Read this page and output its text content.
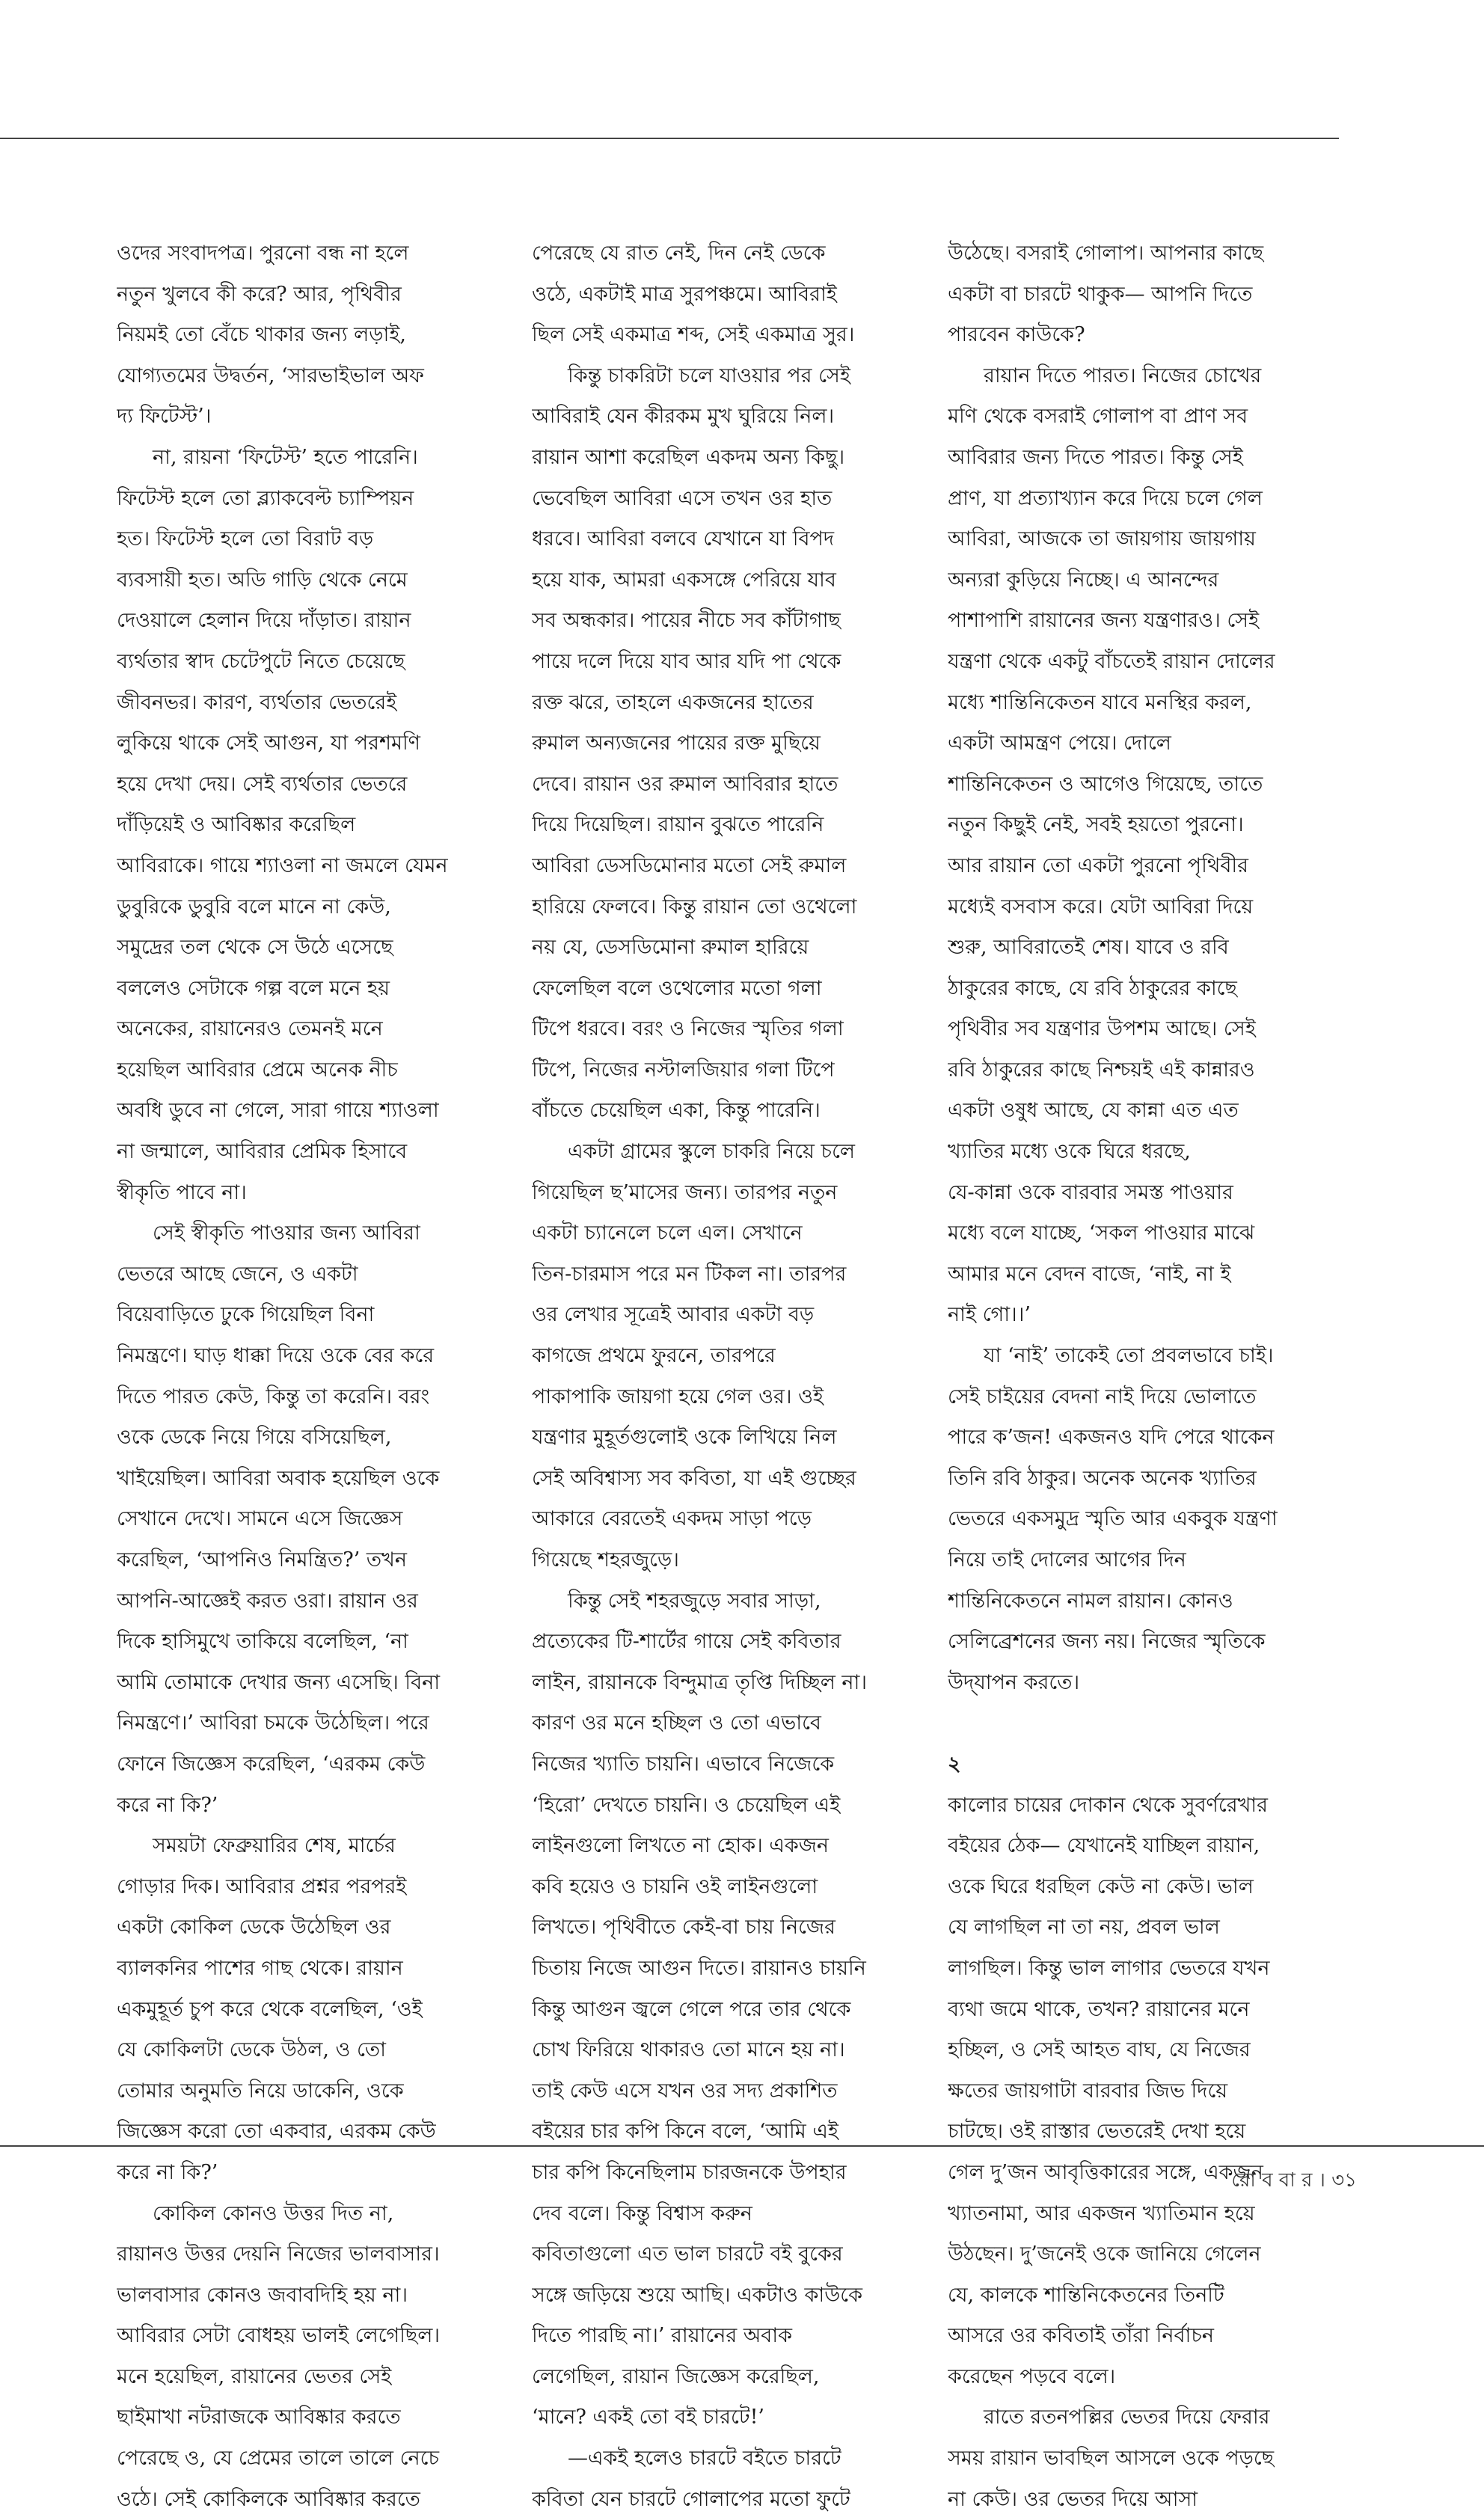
ওদের সংবাদপত্র। পুরনো বন্ধ না হলে
নতুন খুলবে কী করে? আর, পৃথিবীর
নিয়মই তো বেঁচে থাকার জন্য লড়াই,
যোগ্যতমের উদ্বর্তন, ‘সারভাইভাল অফ
দ্য ফিটেস্ট’।
না, রায়না ‘ফিটেস্ট’ হতে পারেনি।
ফিটেস্ট হলে তো ব্ল্যাকবেল্ট চ্যাম্পিয়ন
হত। ফিটেস্ট হলে তো বিরাট বড়
ব্যবসায়ী হত। অডি গাড়ি থেকে নেমে
দেওয়ালে হেলান দিয়ে দাঁড়াত। রায়ান
ব্যর্থতার স্বাদ চেটেপুটে নিতে চেয়েছে
জীবনভর। কারণ, ব্যর্থতার ভেতরেই
লুকিয়ে থাকে সেই আগুন, যা পরশমণি
হয়ে দেখা দেয়। সেই ব্যর্থতার ভেতরে
দাঁড়িয়েই ও আবিষ্কার করেছিল
আবিরাকে। গায়ে শ্যাওলা না জমলে যেমন
ডুবুরিকে ডুবুরি বলে মানে না কেউ,
সমুদ্রের তল থেকে সে উঠে এসেছে
বললেও সেটাকে গল্প বলে মনে হয়
অনেকের, রায়ানেরও তেমনই মনে
হয়েছিল আবিরার প্রেমে অনেক নীচ
অবধি ডুবে না গেলে, সারা গায়ে শ্যাওলা
না জন্মালে, আবিরার প্রেমিক হিসাবে
স্বীকৃতি পাবে না।
সেই স্বীকৃতি পাওয়ার জন্য আবিরা
ভেতরে আছে জেনে, ও একটা
বিয়েবাড়িতে ঢুকে গিয়েছিল বিনা
নিমন্ত্রণে। ঘাড় ধাক্কা দিয়ে ওকে বের করে
দিতে পারত কেউ, কিন্তু তা করেনি। বরং
ওকে ডেকে নিয়ে গিয়ে বসিয়েছিল,
খাইয়েছিল। আবিরা অবাক হয়েছিল ওকে
সেখানে দেখে। সামনে এসে জিজ্ঞেস
করেছিল, ‘আপনিও নিমন্ত্রিত?’ তখন
আপনি-আজ্ঞেই করত ওরা। রায়ান ওর
দিকে হাসিমুখে তাকিয়ে বলেছিল, ‘না
আমি তোমাকে দেখার জন্য এসেছি। বিনা
নিমন্ত্রণে।’ আবিরা চমকে উঠেছিল। পরে
ফোনে জিজ্ঞেস করেছিল, ‘এরকম কেউ
করে না কি?’
সময়টা ফেব্রুয়ারির শেষ, মার্চের
গোড়ার দিক। আবিরার প্রশ্নর পরপরই
একটা কোকিল ডেকে উঠেছিল ওর
ব্যালকনির পাশের গাছ থেকে। রায়ান
একমুহূর্ত চুপ করে থেকে বলেছিল, ‘ওই
যে কোকিলটা ডেকে উঠল, ও তো
তোমার অনুমতি নিয়ে ডাকেনি, ওকে
জিজ্ঞেস করো তো একবার, এরকম কেউ
করে না কি?’
কোকিল কোনও উত্তর দিত না,
রায়ানও উত্তর দেয়নি নিজের ভালবাসার।
ভালবাসার কোনও জবাবদিহি হয় না।
আবিরার সেটা বোধহয় ভালই লেগেছিল।
মনে হয়েছিল, রায়ানের ভেতর সেই
ছাইমাখা নটরাজকে আবিষ্কার করতে
পেরেছে ও, যে প্রেমের তালে তালে নেচে
ওঠে। সেই কোকিলকে আবিষ্কার করতে
পেরেছে যে রাত নেই, দিন নেই ডেকে
ওঠে, একটাই মাত্র সুরপঞ্চমে। আবিরাই
ছিল সেই একমাত্র শব্দ, সেই একমাত্র সুর।
কিন্তু চাকরিটা চলে যাওয়ার পর সেই
আবিরাই যেন কীরকম মুখ ঘুরিয়ে নিল।
রায়ান আশা করেছিল একদম অন্য কিছু।
ভেবেছিল আবিরা এসে তখন ওর হাত
ধরবে। আবিরা বলবে যেখানে যা বিপদ
হয়ে যাক, আমরা একসঙ্গে পেরিয়ে যাব
সব অন্ধকার। পায়ের নীচে সব কাঁটাগাছ
পায়ে দলে দিয়ে যাব আর যদি পা থেকে
রক্ত ঝরে, তাহলে একজনের হাতের
রুমাল অন্যজনের পায়ের রক্ত মুছিয়ে
দেবে। রায়ান ওর রুমাল আবিরার হাতে
দিয়ে দিয়েছিল। রায়ান বুঝতে পারেনি
আবিরা ডেসডিমোনার মতো সেই রুমাল
হারিয়ে ফেলবে। কিন্তু রায়ান তো ওথেলো
নয় যে, ডেসডিমোনা রুমাল হারিয়ে
ফেলেছিল বলে ওথেলোর মতো গলা
টিপে ধরবে। বরং ও নিজের স্মৃতির গলা
টিপে, নিজের নস্টালজিয়ার গলা টিপে
বাঁচতে চেয়েছিল একা, কিন্তু পারেনি।
একটা গ্রামের স্কুলে চাকরি নিয়ে চলে
গিয়েছিল ছ’মাসের জন্য। তারপর নতুন
একটা চ্যানেলে চলে এল। সেখানে
তিন-চারমাস পরে মন টিকল না। তারপর
ওর লেখার সূত্রেই আবার একটা বড়
কাগজে প্রথমে ফুরনে, তারপরে
পাকাপাকি জায়গা হয়ে গেল ওর। ওই
যন্ত্রণার মুহূর্তগুলোই ওকে লিখিয়ে নিল
সেই অবিশ্বাস্য সব কবিতা, যা এই গুচ্ছের
আকারে বেরতেই একদম সাড়া পড়ে
গিয়েছে শহরজুড়ে।
কিন্তু সেই শহরজুড়ে সবার সাড়া,
প্রত্যেকের টি-শার্টের গায়ে সেই কবিতার
লাইন, রায়ানকে বিন্দুমাত্র তৃপ্তি দিচ্ছিল না।
কারণ ওর মনে হচ্ছিল ও তো এভাবে
নিজের খ্যাতি চায়নি। এভাবে নিজেকে
‘হিরো’ দেখতে চায়নি। ও চেয়েছিল এই
লাইনগুলো লিখতে না হোক। একজন
কবি হয়েও ও চায়নি ওই লাইনগুলো
লিখতে। পৃথিবীতে কেই-বা চায় নিজের
চিতায় নিজে আগুন দিতে। রায়ানও চায়নি
কিন্তু আগুন জ্বলে গেলে পরে তার থেকে
চোখ ফিরিয়ে থাকারও তো মানে হয় না।
তাই কেউ এসে যখন ওর সদ্য প্রকাশিত
বইয়ের চার কপি কিনে বলে, ‘আমি এই
চার কপি কিনেছিলাম চারজনকে উপহার
দেব বলে। কিন্তু বিশ্বাস করুন
কবিতাগুলো এত ভাল চারটে বই বুকের
সঙ্গে জড়িয়ে শুয়ে আছি। একটাও কাউকে
দিতে পারছি না।’ রায়ানের অবাক
লেগেছিল, রায়ান জিজ্ঞেস করেছিল,
‘মানে? একই তো বই চারটে!’
—একই হলেও চারটে বইতে চারটে
কবিতা যেন চারটে গোলাপের মতো ফুটে
উঠেছে। বসরাই গোলাপ। আপনার কাছে
একটা বা চারটে থাকুক— আপনি দিতে
পারবেন কাউকে?
রায়ান দিতে পারত। নিজের চোখের
মণি থেকে বসরাই গোলাপ বা প্রাণ সব
আবিরার জন্য দিতে পারত। কিন্তু সেই
প্রাণ, যা প্রত্যাখ্যান করে দিয়ে চলে গেল
আবিরা, আজকে তা জায়গায় জায়গায়
অন্যরা কুড়িয়ে নিচ্ছে। এ আনন্দের
পাশাপাশি রায়ানের জন্য যন্ত্রণারও। সেই
যন্ত্রণা থেকে একটু বাঁচতেই রায়ান দোলের
মধ্যে শান্তিনিকেতন যাবে মনস্থির করল,
একটা আমন্ত্রণ পেয়ে। দোলে
শান্তিনিকেতন ও আগেও গিয়েছে, তাতে
নতুন কিছুই নেই, সবই হয়তো পুরনো।
আর রায়ান তো একটা পুরনো পৃথিবীর
মধ্যেই বসবাস করে। যেটা আবিরা দিয়ে
শুরু, আবিরাতেই শেষ। যাবে ও রবি
ঠাকুরের কাছে, যে রবি ঠাকুরের কাছে
পৃথিবীর সব যন্ত্রণার উপশম আছে। সেই
রবি ঠাকুরের কাছে নিশ্চয়ই এই কান্নারও
একটা ওষুধ আছে, যে কান্না এত এত
খ্যাতির মধ্যে ওকে ঘিরে ধরছে,
যে-কান্না ওকে বারবার সমস্ত পাওয়ার
মধ্যে বলে যাচ্ছে, ‘সকল পাওয়ার মাঝে
আমার মনে বেদন বাজে, ‘নাই, না ই
নাই গো।।’
যা ‘নাই’ তাকেই তো প্রবলভাবে চাই।
সেই চাইয়ের বেদনা নাই দিয়ে ভোলাতে
পারে ক’জন! একজনও যদি পেরে থাকেন
তিনি রবি ঠাকুর। অনেক অনেক খ্যাতির
ভেতরে একসমুদ্র স্মৃতি আর একবুক যন্ত্রণা
নিয়ে তাই দোলের আগের দিন
শান্তিনিকেতনে নামল রায়ান। কোনও
সেলিব্রেশনের জন্য নয়। নিজের স্মৃতিকে
উদ্‌যাপন করতে।
২
কালোর চায়ের দোকান থেকে সুবর্ণরেখার
বইয়ের ঠেক— যেখানেই যাচ্ছিল রায়ান,
ওকে ঘিরে ধরছিল কেউ না কেউ। ভাল
যে লাগছিল না তা নয়, প্রবল ভাল
লাগছিল। কিন্তু ভাল লাগার ভেতরে যখন
ব্যথা জমে থাকে, তখন? রায়ানের মনে
হচ্ছিল, ও সেই আহত বাঘ, যে নিজের
ক্ষতের জায়গাটা বারবার জিভ দিয়ে
চাটছে। ওই রাস্তার ভেতরেই দেখা হয়ে
গেল দু’জন আবৃত্তিকারের সঙ্গে, একজন
খ্যাতনামা, আর একজন খ্যাতিমান হয়ে
উঠছেন। দু’জনেই ওকে জানিয়ে গেলেন
যে, কালকে শান্তিনিকেতনের তিনটি
আসরে ওর কবিতাই তাঁরা নির্বাচন
করেছেন পড়বে বলে।
রাতে রতনপল্লির ভেতর দিয়ে ফেরার
সময় রায়ান ভাবছিল আসলে ওকে পড়ছে
না কেউ। ওর ভেতর দিয়ে আসা
রো ব বা র । ৩১
